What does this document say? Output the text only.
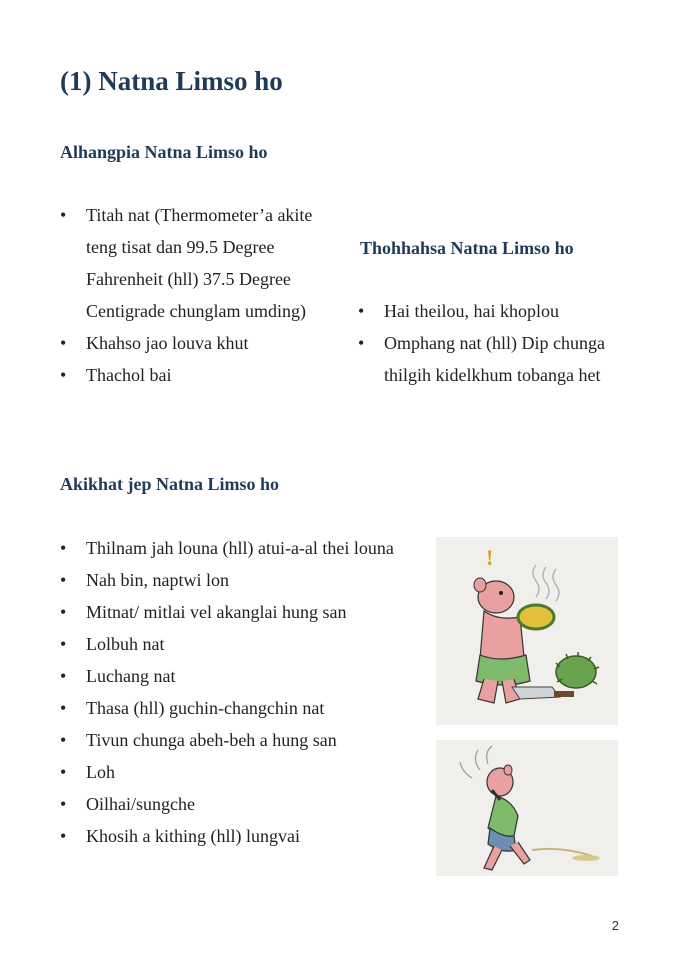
(1) Natna Limso ho
Alhangpia Natna Limso ho
• Titah nat (Thermometer’a akite teng tisat dan 99.5 Degree Fahrenheit (hll) 37.5 Degree Centigrade chunglam umding)
• Khahso jao louva khut
• Thachol bai
Thohhahsa Natna Limso ho
• Hai theilou, hai khoplou
• Omphang nat (hll) Dip chunga thilgih kidelkhum tobanga het
Akikhat jep Natna Limso ho
• Thilnam jah louna (hll) atui-a-al thei louna
• Nah bin, naptwi lon
• Mitnat/ mitlai vel akanglai hung san
• Lolbuh nat
• Luchang nat
• Thasa (hll) guchin-changchin nat
• Tivun chunga abeh-beh a hung san
• Loh
• Oilhai/sungche
• Khosih a kithing (hll) lungvai
!
2
